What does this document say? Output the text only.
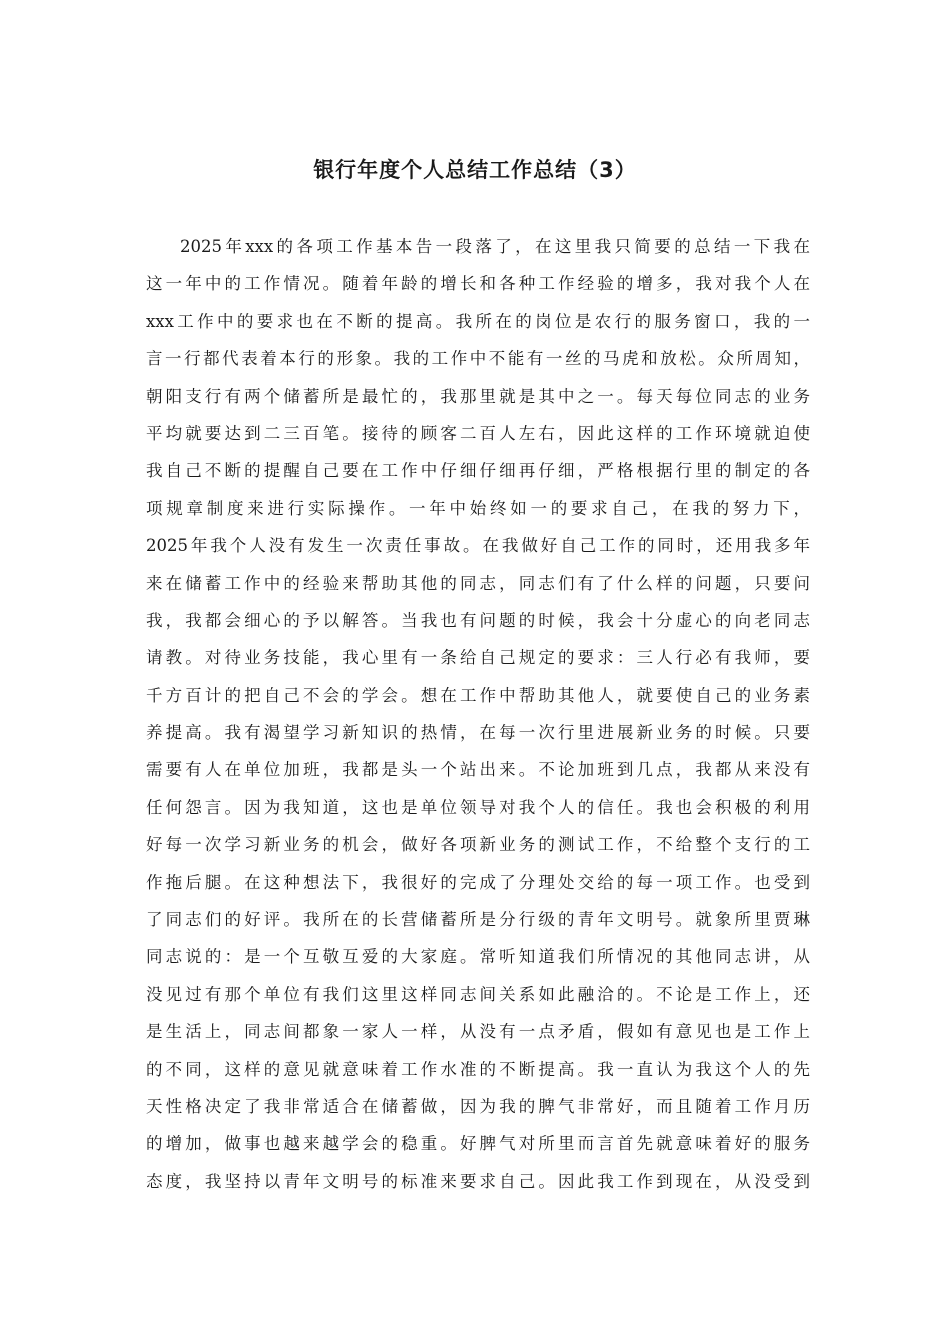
银行年度个人总结工作总结（3）
2025年xxx的各项工作基本告一段落了，在这里我只简要的总结一下我在
这一年中的工作情况。随着年龄的增长和各种工作经验的增多，我对我个人在
xxx工作中的要求也在不断的提高。我所在的岗位是农行的服务窗口，我的一
言一行都代表着本行的形象。我的工作中不能有一丝的马虎和放松。众所周知，
朝阳支行有两个储蓄所是最忙的，我那里就是其中之一。每天每位同志的业务
平均就要达到二三百笔。接待的顾客二百人左右，因此这样的工作环境就迫使
我自己不断的提醒自己要在工作中仔细仔细再仔细，严格根据行里的制定的各
项规章制度来进行实际操作。一年中始终如一的要求自己，在我的努力下，
2025年我个人没有发生一次责任事故。在我做好自己工作的同时，还用我多年
来在储蓄工作中的经验来帮助其他的同志，同志们有了什么样的问题，只要问
我，我都会细心的予以解答。当我也有问题的时候，我会十分虚心的向老同志
请教。对待业务技能，我心里有一条给自己规定的要求：三人行必有我师，要
千方百计的把自己不会的学会。想在工作中帮助其他人，就要使自己的业务素
养提高。我有渴望学习新知识的热情，在每一次行里进展新业务的时候。只要
需要有人在单位加班，我都是头一个站出来。不论加班到几点，我都从来没有
任何怨言。因为我知道，这也是单位领导对我个人的信任。我也会积极的利用
好每一次学习新业务的机会，做好各项新业务的测试工作，不给整个支行的工
作拖后腿。在这种想法下，我很好的完成了分理处交给的每一项工作。也受到
了同志们的好评。我所在的长营储蓄所是分行级的青年文明号。就象所里贾琳
同志说的：是一个互敬互爱的大家庭。常听知道我们所情况的其他同志讲，从
没见过有那个单位有我们这里这样同志间关系如此融洽的。不论是工作上，还
是生活上，同志间都象一家人一样，从没有一点矛盾，假如有意见也是工作上
的不同，这样的意见就意味着工作水准的不断提高。我一直认为我这个人的先
天性格决定了我非常适合在储蓄做，因为我的脾气非常好，而且随着工作月历
的增加，做事也越来越学会的稳重。好脾气对所里而言首先就意味着好的服务
态度，我坚持以青年文明号的标准来要求自己。因此我工作到现在，从没受到
